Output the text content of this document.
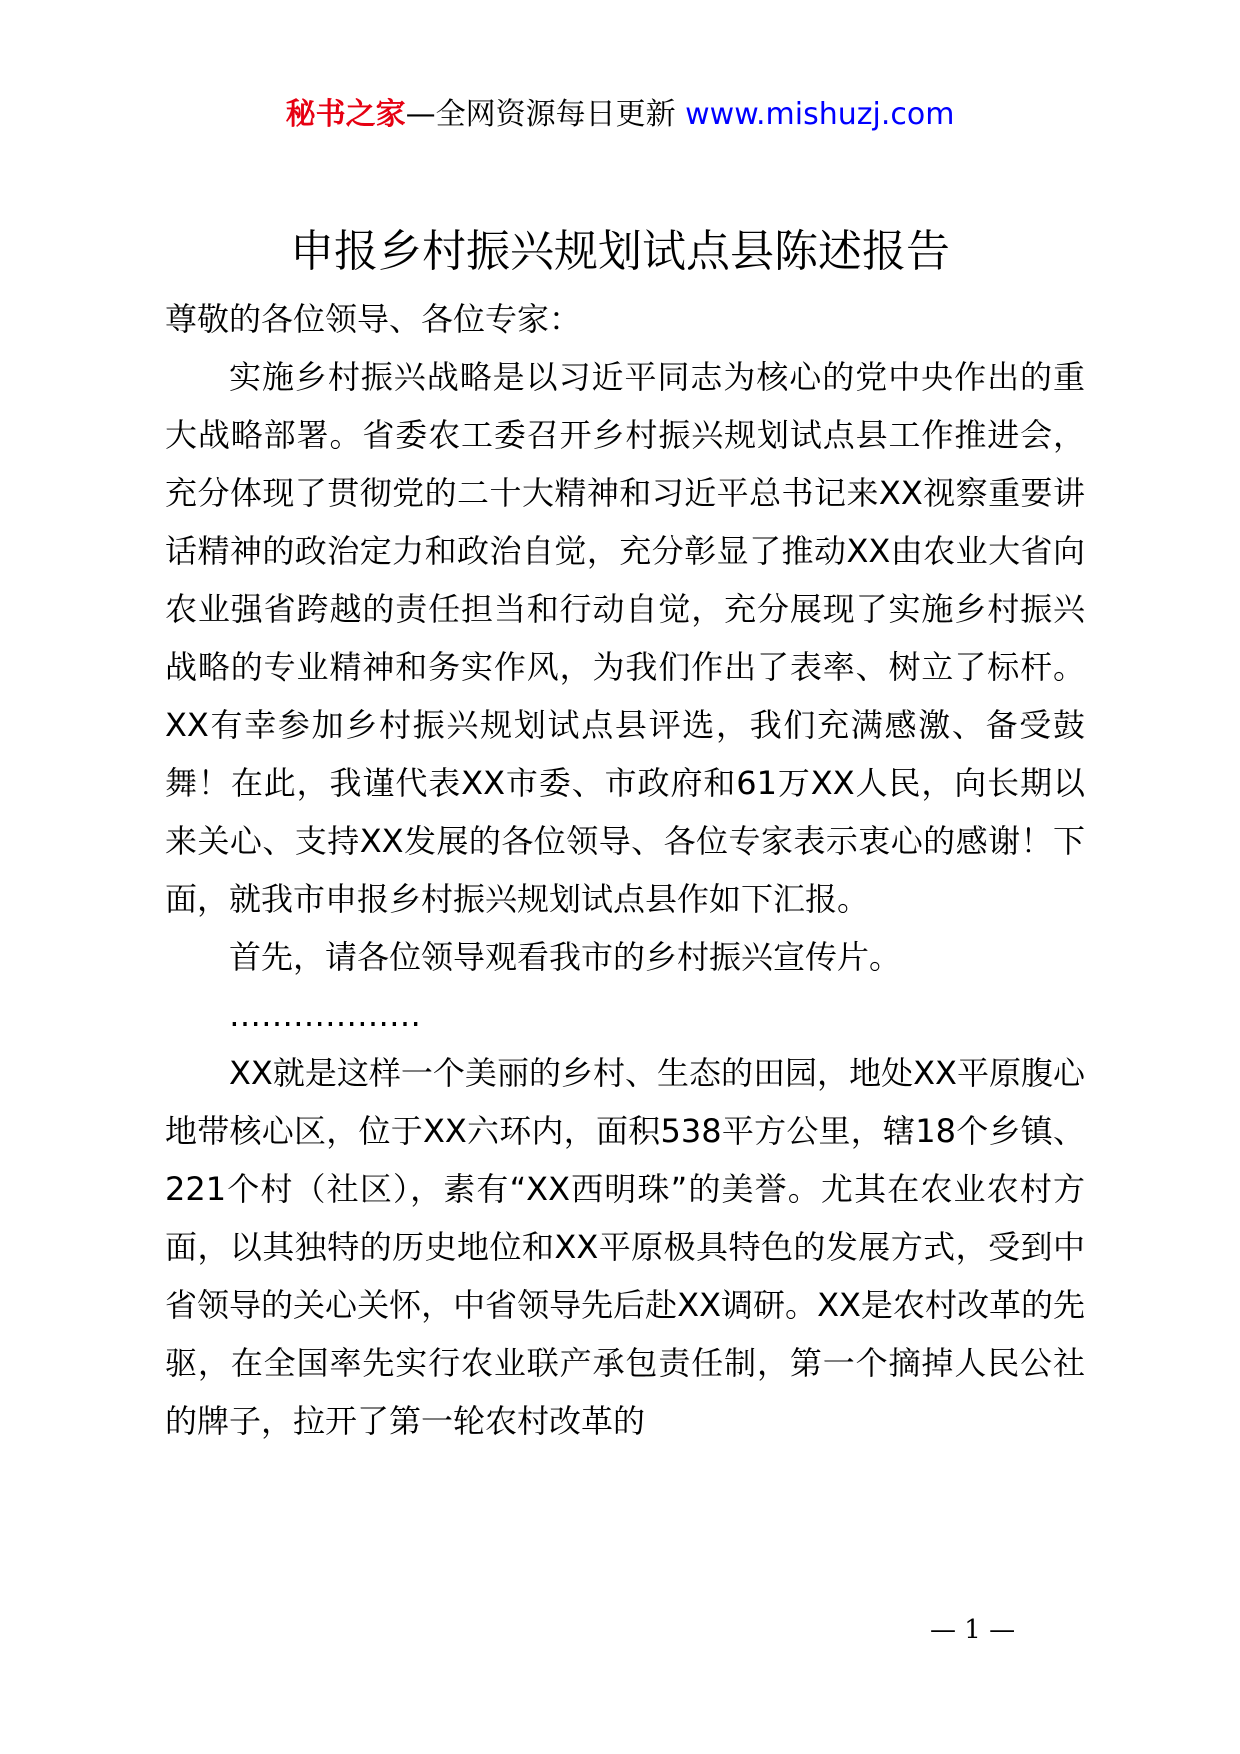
秘书之家—全网资源每日更新 www.mishuzj.com
申报乡村振兴规划试点县陈述报告

尊敬的各位领导、各位专家：

实施乡村振兴战略是以习近平同志为核心的党中央作出的重大战略部署。省委农工委召开乡村振兴规划试点县工作推进会，充分体现了贯彻党的二十大精神和习近平总书记来XX视察重要讲话精神的政治定力和政治自觉，充分彰显了推动XX由农业大省向农业强省跨越的责任担当和行动自觉，充分展现了实施乡村振兴战略的专业精神和务实作风，为我们作出了表率、树立了标杆。XX有幸参加乡村振兴规划试点县评选，我们充满感激、备受鼓舞！在此，我谨代表XX市委、市政府和61万XX人民，向长期以来关心、支持XX发展的各位领导、各位专家表示衷心的感谢！下面，就我市申报乡村振兴规划试点县作如下汇报。

首先，请各位领导观看我市的乡村振兴宣传片。

………………

XX就是这样一个美丽的乡村、生态的田园，地处XX平原腹心地带核心区，位于XX六环内，面积538平方公里，辖18个乡镇、221个村（社区），素有“XX西明珠”的美誉。尤其在农业农村方面，以其独特的历史地位和XX平原极具特色的发展方式，受到中省领导的关心关怀，中省领导先后赴XX调研。XX是农村改革的先驱，在全国率先实行农业联产承包责任制，第一个摘掉人民公社的牌子，拉开了第一轮农村改革的

— 1 —
